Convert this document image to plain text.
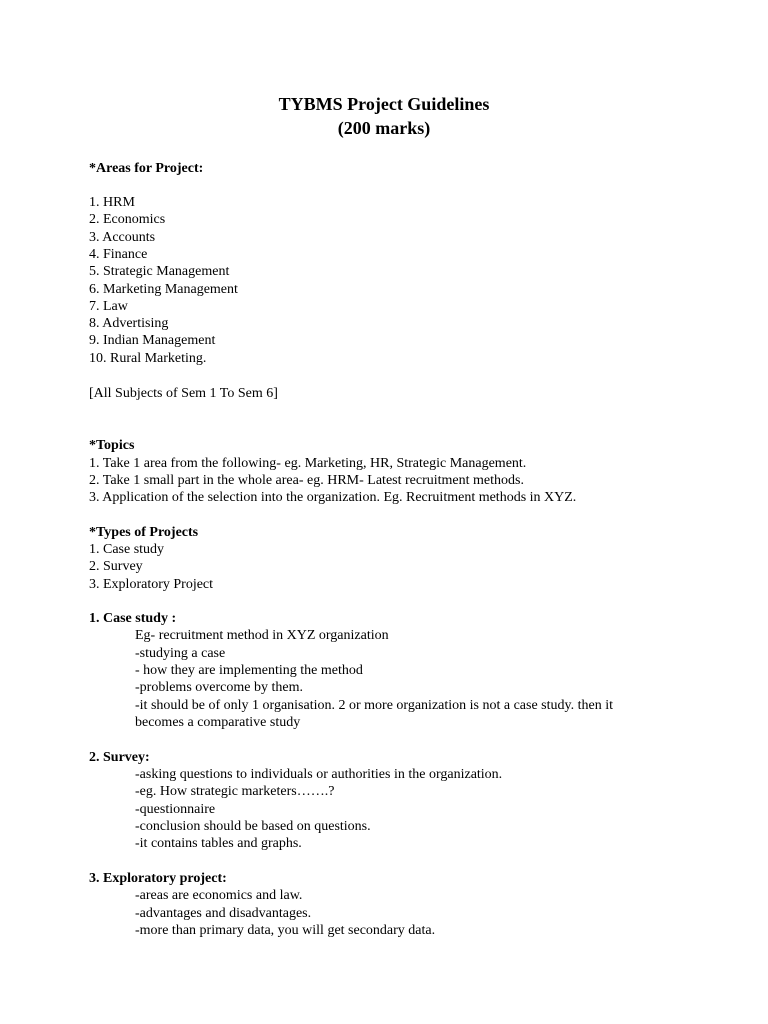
TYBMS Project Guidelines
(200 marks)
*Areas for Project:
1. HRM
2. Economics
3. Accounts
4. Finance
5. Strategic Management
6. Marketing Management
7. Law
8. Advertising
9. Indian Management
10. Rural Marketing.
[All Subjects of Sem 1 To Sem 6]
*Topics
1. Take 1 area from the following- eg. Marketing, HR, Strategic Management.
2. Take 1 small part in the whole area- eg. HRM- Latest recruitment methods.
3. Application of the selection into the organization. Eg. Recruitment methods in XYZ.
*Types of Projects
1. Case study
2. Survey
3. Exploratory Project
1. Case study :
Eg- recruitment method in XYZ organization
-studying a case
- how they are implementing the method
-problems overcome by them.
-it should be of only 1 organisation. 2 or more organization is not a case study. then it
becomes a comparative study
2. Survey:
-asking questions to individuals or authorities in the organization.
-eg. How strategic marketers…….?
-questionnaire
-conclusion should be based on questions.
-it contains tables and graphs.
3. Exploratory project:
-areas are economics and law.
-advantages and disadvantages.
-more than primary data, you will get secondary data.
